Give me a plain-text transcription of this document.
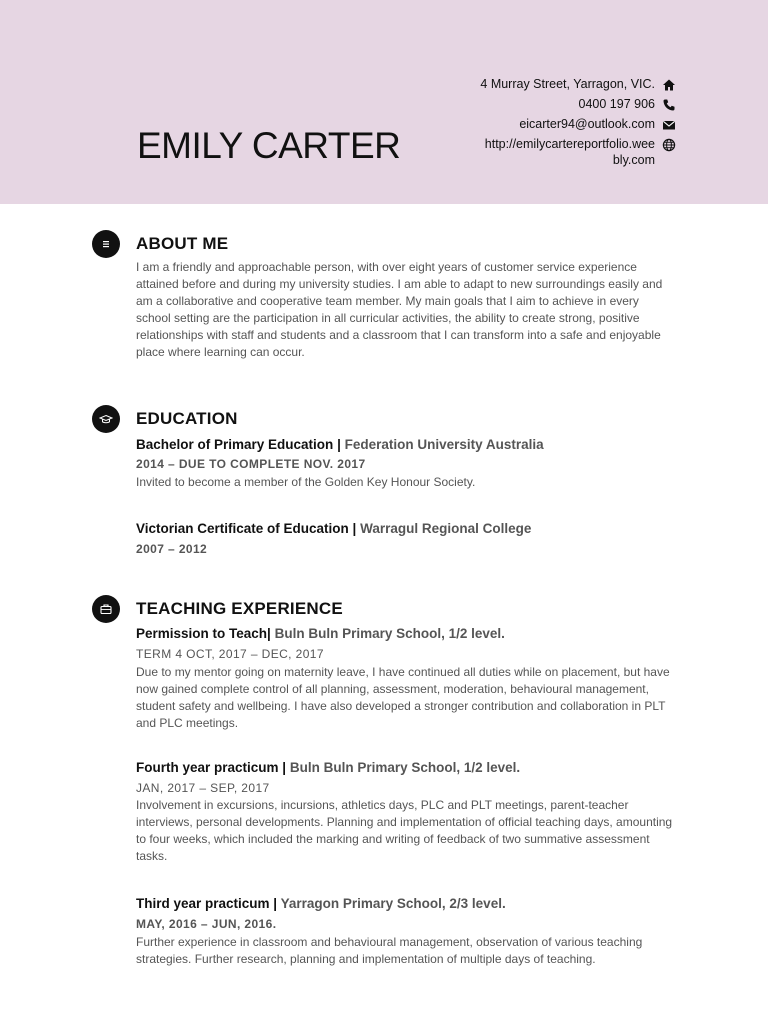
EMILY CARTER
4 Murray Street, Yarragon, VIC.
0400 197 906
eicarter94@outlook.com
http://emilycartereportfolio.weebly.com
ABOUT ME
I am a friendly and approachable person, with over eight years of customer service experience attained before and during my university studies. I am able to adapt to new surroundings easily and am a collaborative and cooperative team member. My main goals that I aim to achieve in every school setting are the participation in all curricular activities, the ability to create strong, positive relationships with staff and students and a classroom that I can transform into a safe and enjoyable place where learning can occur.
EDUCATION
Bachelor of Primary Education | Federation University Australia
2014 – DUE TO COMPLETE NOV. 2017
Invited to become a member of the Golden Key Honour Society.
Victorian Certificate of Education | Warragul Regional College
2007 – 2012
TEACHING EXPERIENCE
Permission to Teach| Buln Buln Primary School, 1/2 level.
TERM 4 OCT, 2017 – DEC, 2017
Due to my mentor going on maternity leave, I have continued all duties while on placement, but have now gained complete control of all planning, assessment, moderation, behavioural management, student safety and wellbeing. I have also developed a stronger contribution and collaboration in PLT and PLC meetings.
Fourth year practicum | Buln Buln Primary School, 1/2 level.
JAN, 2017 – SEP, 2017
Involvement in excursions, incursions, athletics days, PLC and PLT meetings, parent-teacher interviews, personal developments. Planning and implementation of official teaching days, amounting to four weeks, which included the marking and writing of feedback of two summative assessment tasks.
Third year practicum | Yarragon Primary School, 2/3 level.
MAY, 2016 – JUN, 2016.
Further experience in classroom and behavioural management, observation of various teaching strategies. Further research, planning and implementation of multiple days of teaching.
